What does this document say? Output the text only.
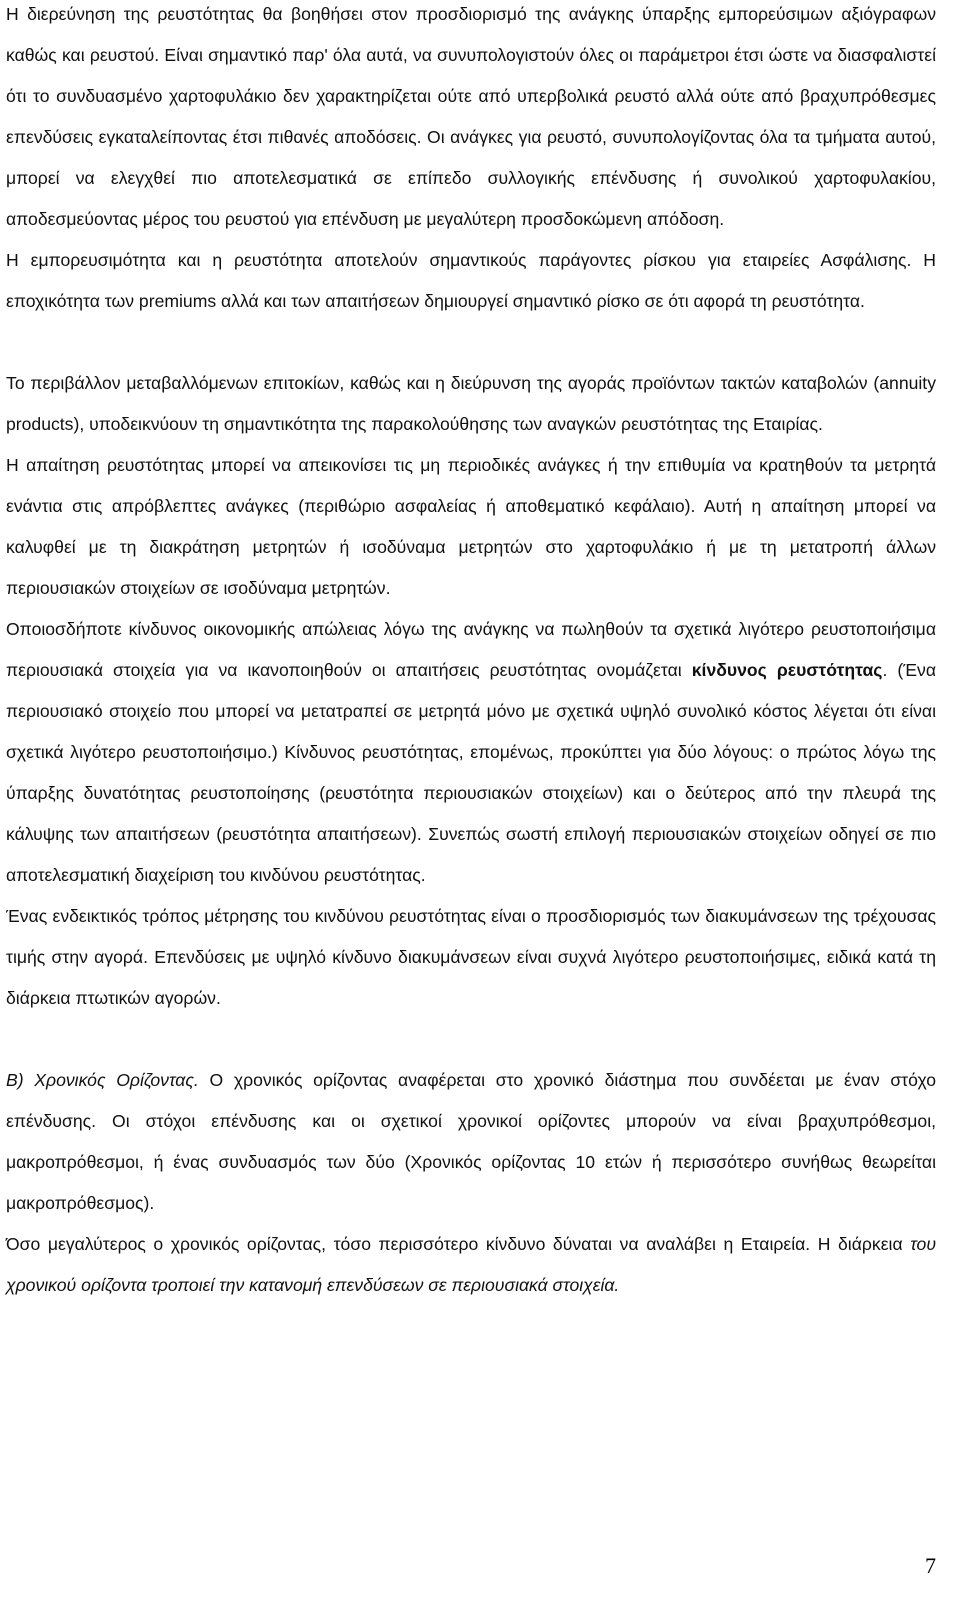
Η διερεύνηση της ρευστότητας θα βοηθήσει στον προσδιορισμό της ανάγκης ύπαρξης εμπορεύσιμων αξιόγραφων καθώς και ρευστού. Είναι σημαντικό παρ' όλα αυτά, να συνυπολογιστούν όλες οι παράμετροι έτσι ώστε να διασφαλιστεί ότι το συνδυασμένο χαρτοφυλάκιο δεν χαρακτηρίζεται ούτε από υπερβολικά ρευστό αλλά ούτε από βραχυπρόθεσμες επενδύσεις εγκαταλείποντας έτσι πιθανές αποδόσεις. Οι ανάγκες για ρευστό, συνυπολογίζοντας όλα τα τμήματα αυτού, μπορεί να ελεγχθεί πιο αποτελεσματικά σε επίπεδο συλλογικής επένδυσης ή συνολικού χαρτοφυλακίου, αποδεσμεύοντας μέρος του ρευστού για επένδυση με μεγαλύτερη προσδοκώμενη απόδοση.

Η εμπορευσιμότητα και η ρευστότητα αποτελούν σημαντικούς παράγοντες ρίσκου για εταιρείες Ασφάλισης. Η εποχικότητα των premiums αλλά και των απαιτήσεων δημιουργεί σημαντικό ρίσκο σε ότι αφορά τη ρευστότητα.

Το περιβάλλον μεταβαλλόμενων επιτοκίων, καθώς και η διεύρυνση της αγοράς προϊόντων τακτών καταβολών (annuity products), υποδεικνύουν τη σημαντικότητα της παρακολούθησης των αναγκών ρευστότητας της Εταιρίας.

Η απαίτηση ρευστότητας μπορεί να απεικονίσει τις μη περιοδικές ανάγκες ή την επιθυμία να κρατηθούν τα μετρητά ενάντια στις απρόβλεπτες ανάγκες (περιθώριο ασφαλείας ή αποθεματικό κεφάλαιο). Αυτή η απαίτηση μπορεί να καλυφθεί με τη διακράτηση μετρητών ή ισοδύναμα μετρητών στο χαρτοφυλάκιο ή με τη μετατροπή άλλων περιουσιακών στοιχείων σε ισοδύναμα μετρητών.

Οποιοσδήποτε κίνδυνος οικονομικής απώλειας λόγω της ανάγκης να πωληθούν τα σχετικά λιγότερο ρευστοποιήσιμα περιουσιακά στοιχεία για να ικανοποιηθούν οι απαιτήσεις ρευστότητας ονομάζεται κίνδυνος ρευστότητας. (Ένα περιουσιακό στοιχείο που μπορεί να μετατραπεί σε μετρητά μόνο με σχετικά υψηλό συνολικό κόστος λέγεται ότι είναι σχετικά λιγότερο ρευστοποιήσιμο.) Κίνδυνος ρευστότητας, επομένως, προκύπτει για δύο λόγους: ο πρώτος λόγω της ύπαρξης δυνατότητας ρευστοποίησης (ρευστότητα περιουσιακών στοιχείων) και ο δεύτερος από την πλευρά της κάλυψης των απαιτήσεων (ρευστότητα απαιτήσεων). Συνεπώς σωστή επιλογή περιουσιακών στοιχείων οδηγεί σε πιο αποτελεσματική διαχείριση του κινδύνου ρευστότητας.

Ένας ενδεικτικός τρόπος μέτρησης του κινδύνου ρευστότητας είναι ο προσδιορισμός των διακυμάνσεων της τρέχουσας τιμής στην αγορά. Επενδύσεις με υψηλό κίνδυνο διακυμάνσεων είναι συχνά λιγότερο ρευστοποιήσιμες, ειδικά κατά τη διάρκεια πτωτικών αγορών.

Β) Χρονικός Ορίζοντας. Ο χρονικός ορίζοντας αναφέρεται στο χρονικό διάστημα που συνδέεται με έναν στόχο επένδυσης. Οι στόχοι επένδυσης και οι σχετικοί χρονικοί ορίζοντες μπορούν να είναι βραχυπρόθεσμοι, μακροπρόθεσμοι, ή ένας συνδυασμός των δύο (Χρονικός ορίζοντας 10 ετών ή περισσότερο συνήθως θεωρείται μακροπρόθεσμος).

Όσο μεγαλύτερος ο χρονικός ορίζοντας, τόσο περισσότερο κίνδυνο δύναται να αναλάβει η Εταιρεία. Η διάρκεια του χρονικού ορίζοντα τροποιεί την κατανομή επενδύσεων σε περιουσιακά στοιχεία.

7
